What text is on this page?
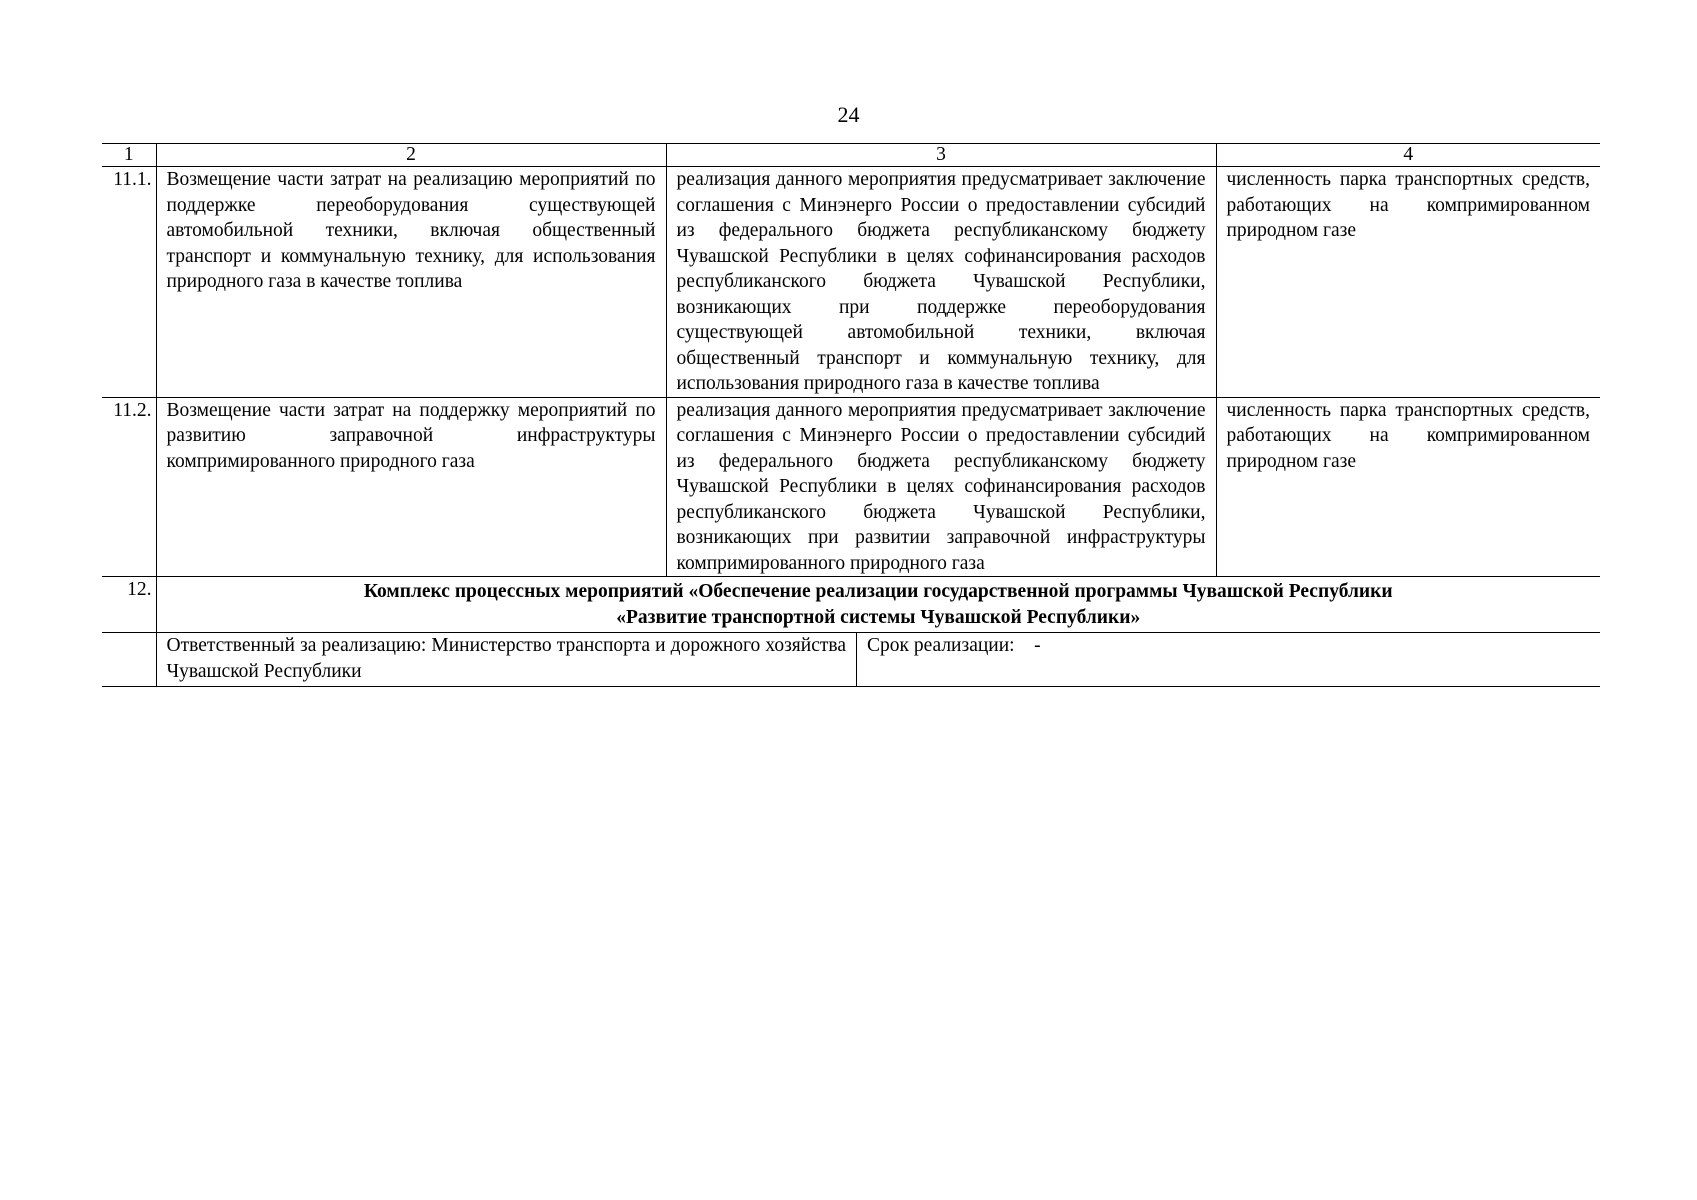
24
1	2	3	4
11.1.	Возмещение части затрат на реализацию мероприятий по поддержке переоборудования существующей автомобильной техники, включая общественный транспорт и коммунальную технику, для использования природного газа в качестве топлива	реализация данного мероприятия предусматривает заключение соглашения с Минэнерго России о предоставлении субсидий из федерального бюджета республиканскому бюджету Чувашской Республики в целях софинансирования расходов республиканского бюджета Чувашской Республики, возникающих при поддержке переоборудования существующей автомобильной техники, включая общественный транспорт и коммунальную технику, для использования природного газа в качестве топлива	численность парка транспортных средств, работающих на компримированном природном газе
11.2.	Возмещение части затрат на поддержку мероприятий по развитию заправочной инфраструктуры компримированного природного газа	реализация данного мероприятия предусматривает заключение соглашения с Минэнерго России о предоставлении субсидий из федерального бюджета республиканскому бюджету Чувашской Республики в целях софинансирования расходов республиканского бюджета Чувашской Республики, возникающих при развитии заправочной инфраструктуры компримированного природного газа	численность парка транспортных средств, работающих на компримированном природном газе
12.	Комплекс процессных мероприятий «Обеспечение реализации государственной программы Чувашской Республики
«Развитие транспортной системы Чувашской Республики»

Ответственный за реализацию: Министерство транспорта и дорожного хозяйства Чувашской Республики	Срок реализации:    -
